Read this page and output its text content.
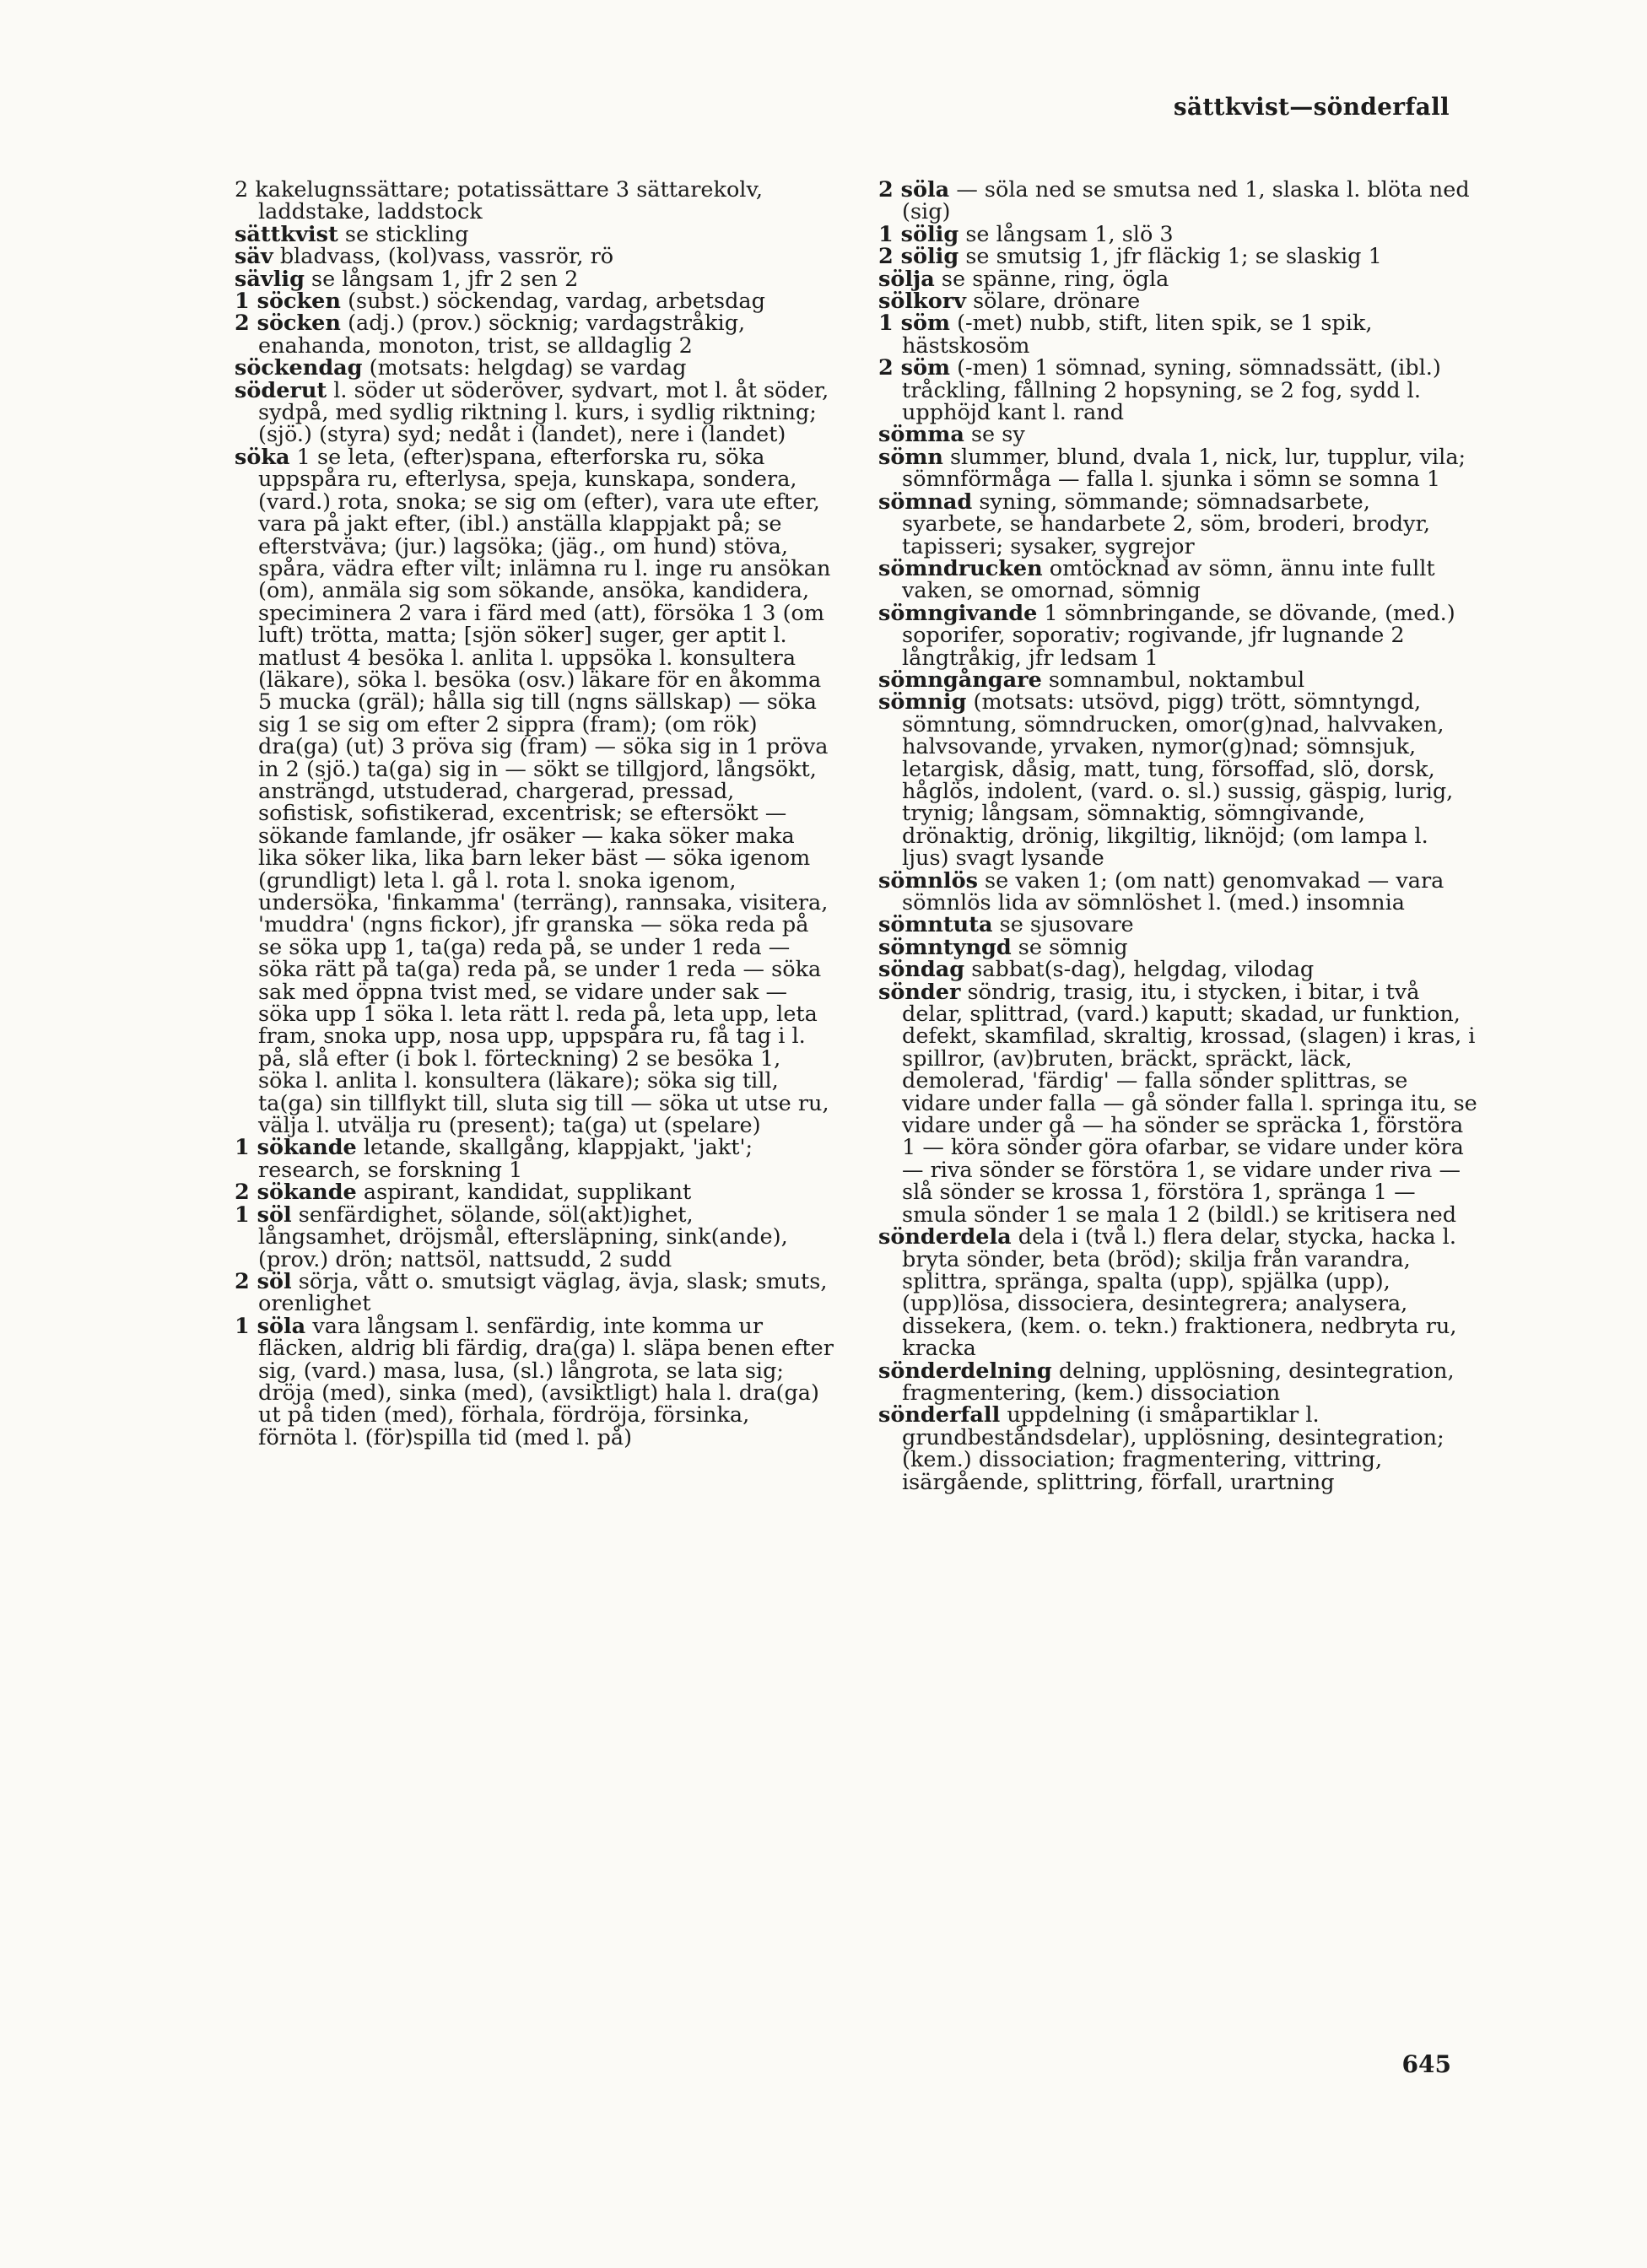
sättkvist—sönderfall

2 kakelugnssättare; potatissättare 3 sättarekolv, laddstake, laddstock

sättkvist se stickling

säv bladvass, (kol)vass, vassrör, rö

sävlig se långsam 1, jfr 2 sen 2

1 söcken (subst.) söckendag, vardag, arbetsdag

2 söcken (adj.) (prov.) söcknig; vardagstråkig, enahanda, monoton, trist, se alldaglig 2

söckendag (motsats: helgdag) se vardag

söderut l. söder ut söderöver, sydvart, mot l. åt söder, sydpå, med sydlig riktning l. kurs, i sydlig riktning; (sjö.) (styra) syd; nedåt i (landet), nere i (landet)

söka 1 se leta, (efter)spana, efterforska ru, söka uppspåra ru, efterlysa, speja, kunskapa, sondera, (vard.) rota, snoka; se sig om (efter), vara ute efter, vara på jakt efter, (ibl.) anställa klappjakt på; se efterstväva; (jur.) lagsöka; (jäg., om hund) stöva, spåra, vädra efter vilt; inlämna ru l. inge ru ansökan (om), anmäla sig som sökande, ansöka, kandidera, speciminera 2 vara i färd med (att), försöka 1 3 (om luft) trötta, matta; [sjön söker] suger, ger aptit l. matlust 4 besöka l. anlita l. uppsöka l. konsultera (läkare), söka l. besöka (osv.) läkare för en åkomma 5 mucka (gräl); hålla sig till (ngns sällskap) — söka sig 1 se sig om efter 2 sippra (fram); (om rök) dra(ga) (ut) 3 pröva sig (fram) — söka sig in 1 pröva in 2 (sjö.) ta(ga) sig in — sökt se tillgjord, långsökt, ansträngd, utstuderad, chargerad, pressad, sofistisk, sofistikerad, excentrisk; se eftersökt — sökande famlande, jfr osäker — kaka söker maka lika söker lika, lika barn leker bäst — söka igenom (grundligt) leta l. gå l. rota l. snoka igenom, undersöka, 'finkamma' (terräng), rannsaka, visitera, 'muddra' (ngns fickor), jfr granska — söka reda på se söka upp 1, ta(ga) reda på, se under 1 reda — söka rätt på ta(ga) reda på, se under 1 reda — söka sak med öppna tvist med, se vidare under sak — söka upp 1 söka l. leta rätt l. reda på, leta upp, leta fram, snoka upp, nosa upp, uppspåra ru, få tag i l. på, slå efter (i bok l. förteckning) 2 se besöka 1, söka l. anlita l. konsultera (läkare); söka sig till, ta(ga) sin tillflykt till, sluta sig till — söka ut utse ru, välja l. utvälja ru (present); ta(ga) ut (spelare)

1 sökande letande, skallgång, klappjakt, 'jakt'; research, se forskning 1

2 sökande aspirant, kandidat, supplikant

1 söl senfärdighet, sölande, söl(akt)ighet, långsamhet, dröjsmål, eftersläpning, sink(ande), (prov.) drön; nattsöl, nattsudd, 2 sudd

2 söl sörja, vått o. smutsigt väglag, ävja, slask; smuts, orenlighet

1 söla vara långsam l. senfärdig, inte komma ur fläcken, aldrig bli färdig, dra(ga) l. släpa benen efter sig, (vard.) masa, lusa, (sl.) långrota, se lata sig; dröja (med), sinka (med), (avsiktligt) hala l. dra(ga) ut på tiden (med), förhala, fördröja, försinka, förnöta l. (för)spilla tid (med l. på)

2 söla — söla ned se smutsa ned 1, slaska l. blöta ned (sig)

1 sölig se långsam 1, slö 3

2 sölig se smutsig 1, jfr fläckig 1; se slaskig 1

sölja se spänne, ring, ögla

sölkorv sölare, drönare

1 söm (-met) nubb, stift, liten spik, se 1 spik, hästskosöm

2 söm (-men) 1 sömnad, syning, sömnadssätt, (ibl.) tråckling, fållning 2 hopsyning, se 2 fog, sydd l. upphöjd kant l. rand

sömma se sy

sömn slummer, blund, dvala 1, nick, lur, tupplur, vila; sömnförmåga — falla l. sjunka i sömn se somna 1

sömnad syning, sömmande; sömnadsarbete, syarbete, se handarbete 2, söm, broderi, brodyr, tapisseri; sysaker, sygrejor

sömndrucken omtöcknad av sömn, ännu inte fullt vaken, se omornad, sömnig

sömngivande 1 sömnbringande, se dövande, (med.) soporifer, soporativ; rogivande, jfr lugnande 2 långtråkig, jfr ledsam 1

sömngångare somnambul, noktambul

sömnig (motsats: utsövd, pigg) trött, sömntyngd, sömntung, sömndrucken, omor(g)nad, halvvaken, halvsovande, yrvaken, nymor(g)nad; sömnsjuk, letargisk, dåsig, matt, tung, försoffad, slö, dorsk, håglös, indolent, (vard. o. sl.) sussig, gäspig, lurig, trynig; långsam, sömnaktig, sömngivande, drönaktig, drönig, likgiltig, liknöjd; (om lampa l. ljus) svagt lysande

sömnlös se vaken 1; (om natt) genomvakad — vara sömnlös lida av sömnlöshet l. (med.) insomnia

sömntuta se sjusovare

sömntyngd se sömnig

söndag sabbat(s-dag), helgdag, vilodag

sönder söndrig, trasig, itu, i stycken, i bitar, i två delar, splittrad, (vard.) kaputt; skadad, ur funktion, defekt, skamfilad, skraltig, krossad, (slagen) i kras, i spillror, (av)bruten, bräckt, spräckt, läck, demolerad, 'färdig' — falla sönder splittras, se vidare under falla — gå sönder falla l. springa itu, se vidare under gå — ha sönder se spräcka 1, förstöra 1 — köra sönder göra ofarbar, se vidare under köra — riva sönder se förstöra 1, se vidare under riva — slå sönder se krossa 1, förstöra 1, spränga 1 — smula sönder 1 se mala 1 2 (bildl.) se kritisera ned

sönderdela dela i (två l.) flera delar, stycka, hacka l. bryta sönder, beta (bröd); skilja från varandra, splittra, spränga, spalta (upp), spjälka (upp), (upp)lösa, dissociera, desintegrera; analysera, dissekera, (kem. o. tekn.) fraktionera, nedbryta ru, kracka

sönderdelning delning, upplösning, desintegration, fragmentering, (kem.) dissociation

sönderfall uppdelning (i småpartiklar l. grundbeståndsdelar), upplösning, desintegration; (kem.) dissociation; fragmentering, vittring, isärgående, splittring, förfall, urartning

645
